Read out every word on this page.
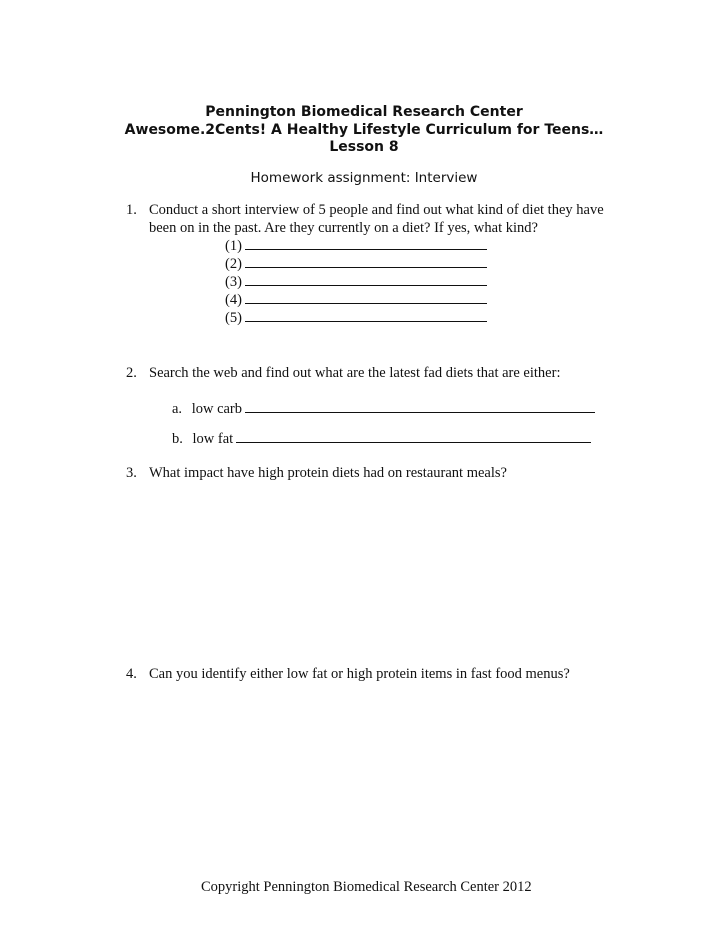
Pennington Biomedical Research Center
Awesome.2Cents! A Healthy Lifestyle Curriculum for Teens…
Lesson 8
Homework assignment: Interview
1. Conduct a short interview of 5 people and find out what kind of diet they have
been on in the past. Are they currently on a diet? If yes, what kind?
(1)
(2)
(3)
(4)
(5)
2. Search the web and find out what are the latest fad diets that are either:
a. low carb
b. low fat
3. What impact have high protein diets had on restaurant meals?
4. Can you identify either low fat or high protein items in fast food menus?
Copyright Pennington Biomedical Research Center 2012
